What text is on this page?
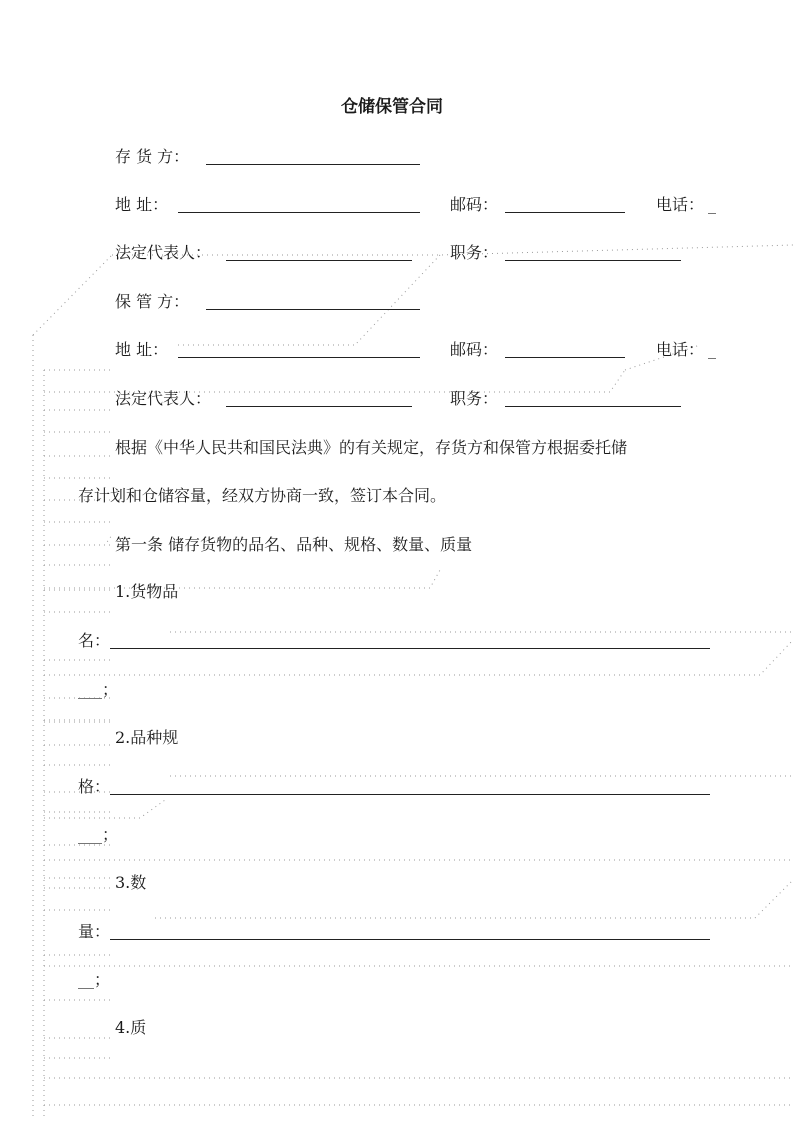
仓储保管合同
存 货 方：
地 址：	邮码：	电话： _
法定代表人：	职务：
保 管 方：
地 址：	邮码：	电话： _
法定代表人：	职务：
根据《中华人民共和国民法典》的有关规定，存货方和保管方根据委托储
存计划和仓储容量，经双方协商一致，签订本合同。
第一条 储存货物的品名、品种、规格、数量、质量
1.货物品
名：
___；
2.品种规
格：
___；
3.数
量：
__；
4.质
